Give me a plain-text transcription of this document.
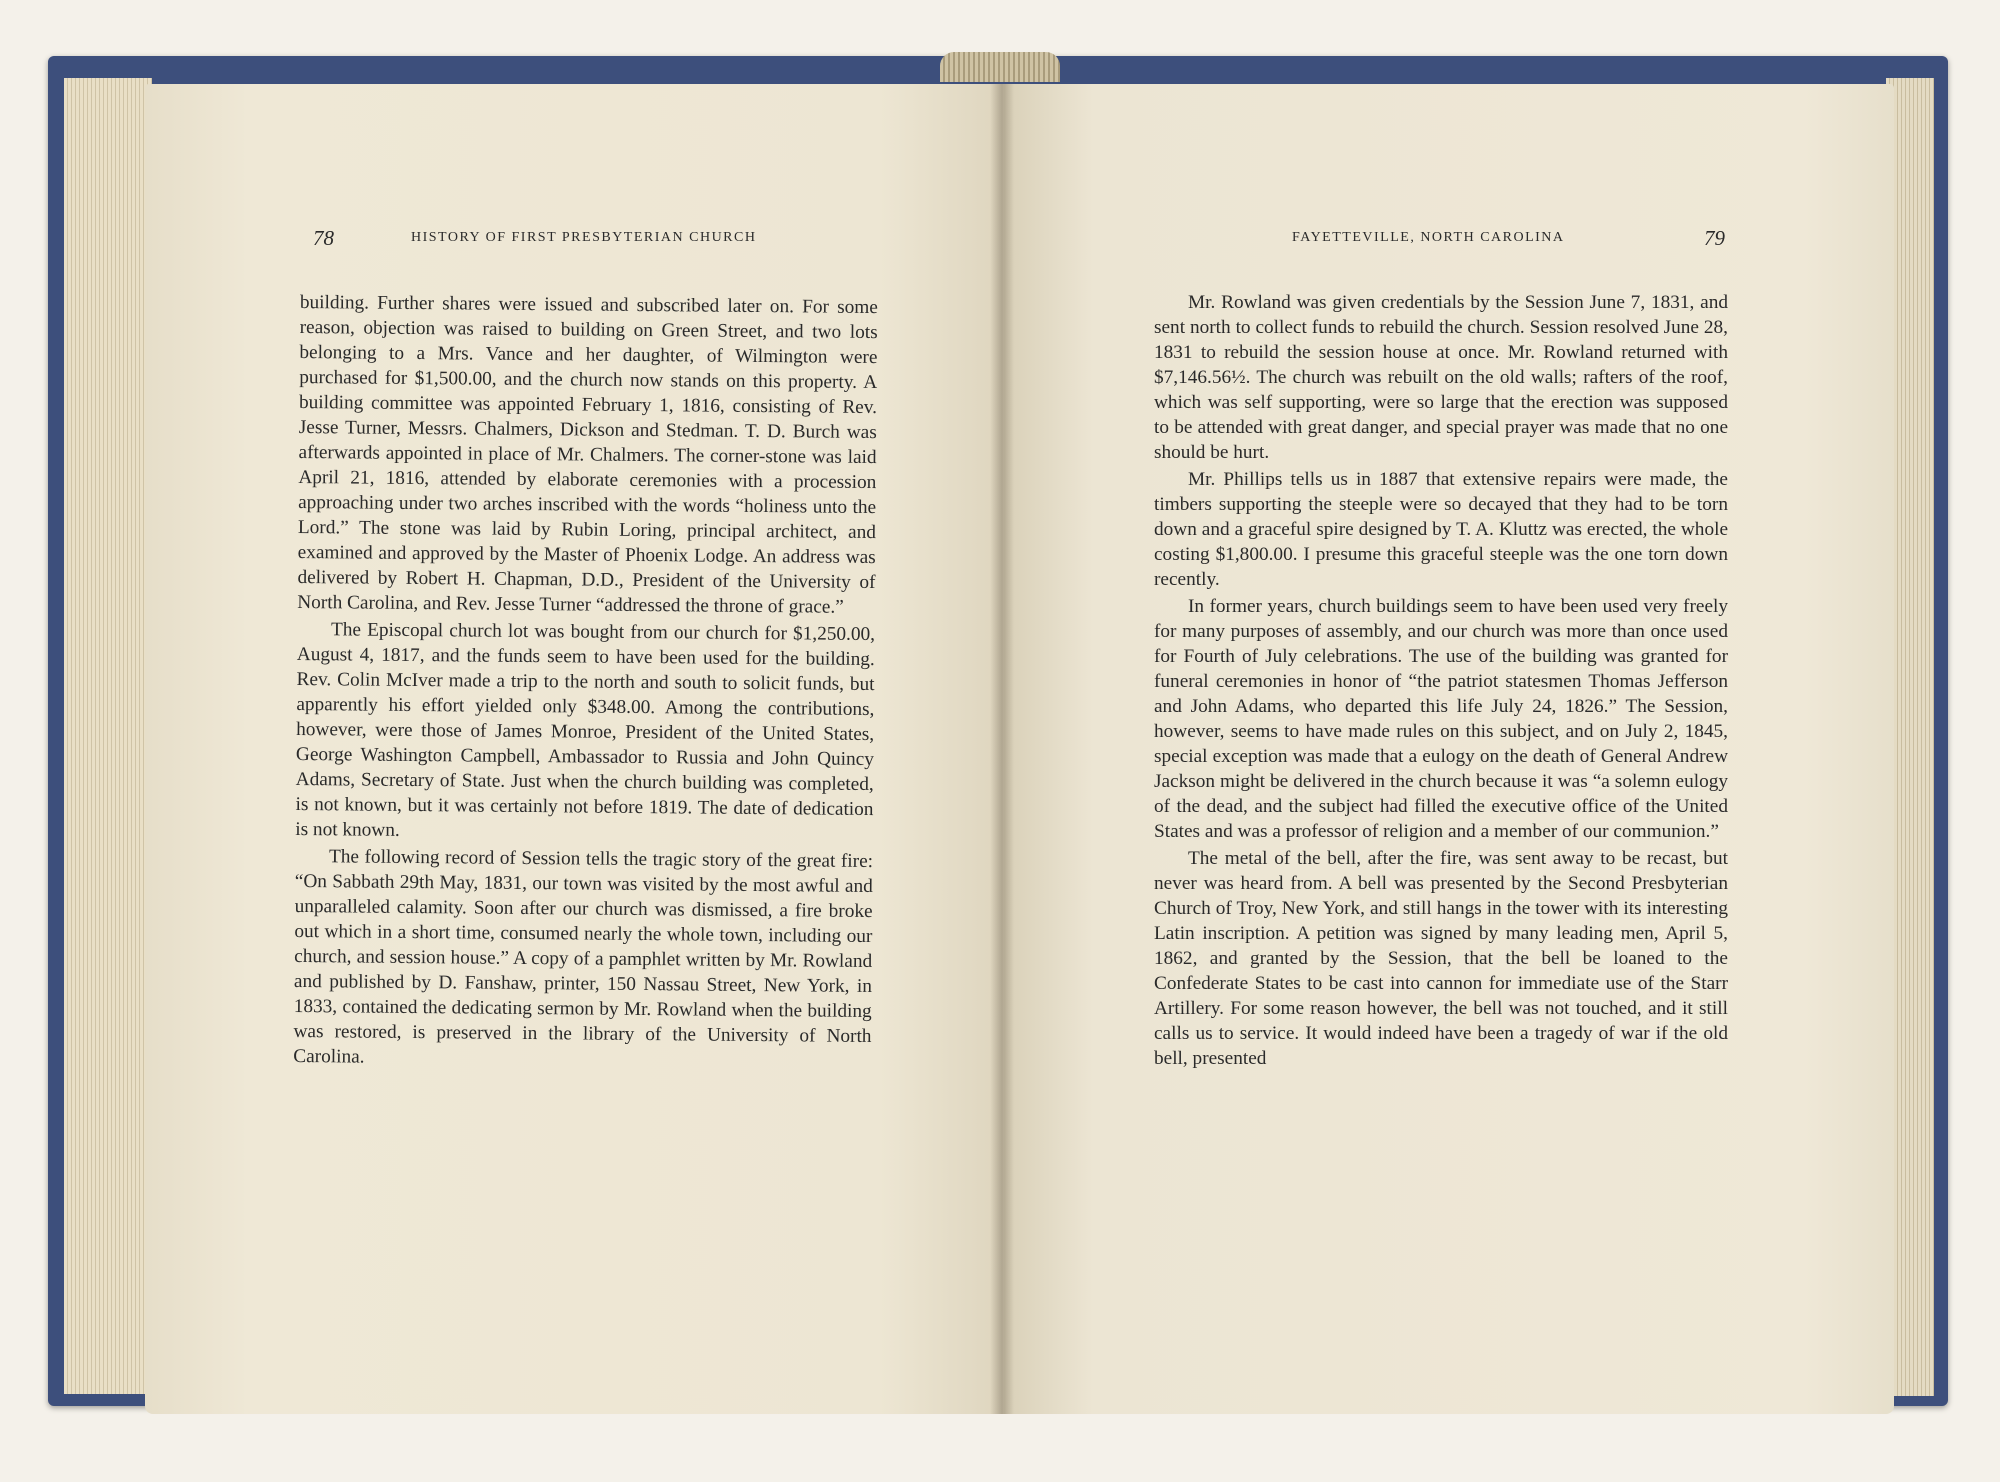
78	HISTORY OF FIRST PRESBYTERIAN CHURCH

building. Further shares were issued and subscribed later on. For some reason, objection was raised to building on Green Street, and two lots belonging to a Mrs. Vance and her daughter, of Wilmington were purchased for $1,500.00, and the church now stands on this property. A building committee was appointed February 1, 1816, consisting of Rev. Jesse Turner, Messrs. Chalmers, Dickson and Stedman. T. D. Burch was afterwards appointed in place of Mr. Chalmers. The corner-stone was laid April 21, 1816, attended by elaborate ceremonies with a procession approaching under two arches inscribed with the words “holiness unto the Lord.” The stone was laid by Rubin Loring, principal architect, and examined and approved by the Master of Phoenix Lodge. An address was delivered by Robert H. Chapman, D.D., President of the University of North Carolina, and Rev. Jesse Turner “addressed the throne of grace.”

The Episcopal church lot was bought from our church for $1,250.00, August 4, 1817, and the funds seem to have been used for the building. Rev. Colin McIver made a trip to the north and south to solicit funds, but apparently his effort yielded only $348.00. Among the contributions, however, were those of James Monroe, President of the United States, George Washington Campbell, Ambassador to Russia and John Quincy Adams, Secretary of State. Just when the church building was completed, is not known, but it was certainly not before 1819. The date of dedication is not known.

The following record of Session tells the tragic story of the great fire: “On Sabbath 29th May, 1831, our town was visited by the most awful and unparalleled calamity. Soon after our church was dismissed, a fire broke out which in a short time, consumed nearly the whole town, including our church, and session house.” A copy of a pamphlet written by Mr. Rowland and published by D. Fanshaw, printer, 150 Nassau Street, New York, in 1833, contained the dedicating sermon by Mr. Rowland when the building was restored, is preserved in the library of the University of North Carolina.

FAYETTEVILLE, NORTH CAROLINA	79

Mr. Rowland was given credentials by the Session June 7, 1831, and sent north to collect funds to rebuild the church. Session resolved June 28, 1831 to rebuild the session house at once. Mr. Rowland returned with $7,146.56½. The church was rebuilt on the old walls; rafters of the roof, which was self supporting, were so large that the erection was supposed to be attended with great danger, and special prayer was made that no one should be hurt.

Mr. Phillips tells us in 1887 that extensive repairs were made, the timbers supporting the steeple were so decayed that they had to be torn down and a graceful spire designed by T. A. Kluttz was erected, the whole costing $1,800.00. I presume this graceful steeple was the one torn down recently.

In former years, church buildings seem to have been used very freely for many purposes of assembly, and our church was more than once used for Fourth of July celebrations. The use of the building was granted for funeral ceremonies in honor of “the patriot statesmen Thomas Jefferson and John Adams, who departed this life July 24, 1826.” The Session, however, seems to have made rules on this subject, and on July 2, 1845, special exception was made that a eulogy on the death of General Andrew Jackson might be delivered in the church because it was “a solemn eulogy of the dead, and the subject had filled the executive office of the United States and was a professor of religion and a member of our communion.”

The metal of the bell, after the fire, was sent away to be recast, but never was heard from. A bell was presented by the Second Presbyterian Church of Troy, New York, and still hangs in the tower with its interesting Latin inscription. A petition was signed by many leading men, April 5, 1862, and granted by the Session, that the bell be loaned to the Confederate States to be cast into cannon for immediate use of the Starr Artillery. For some reason however, the bell was not touched, and it still calls us to service. It would indeed have been a tragedy of war if the old bell, presented
